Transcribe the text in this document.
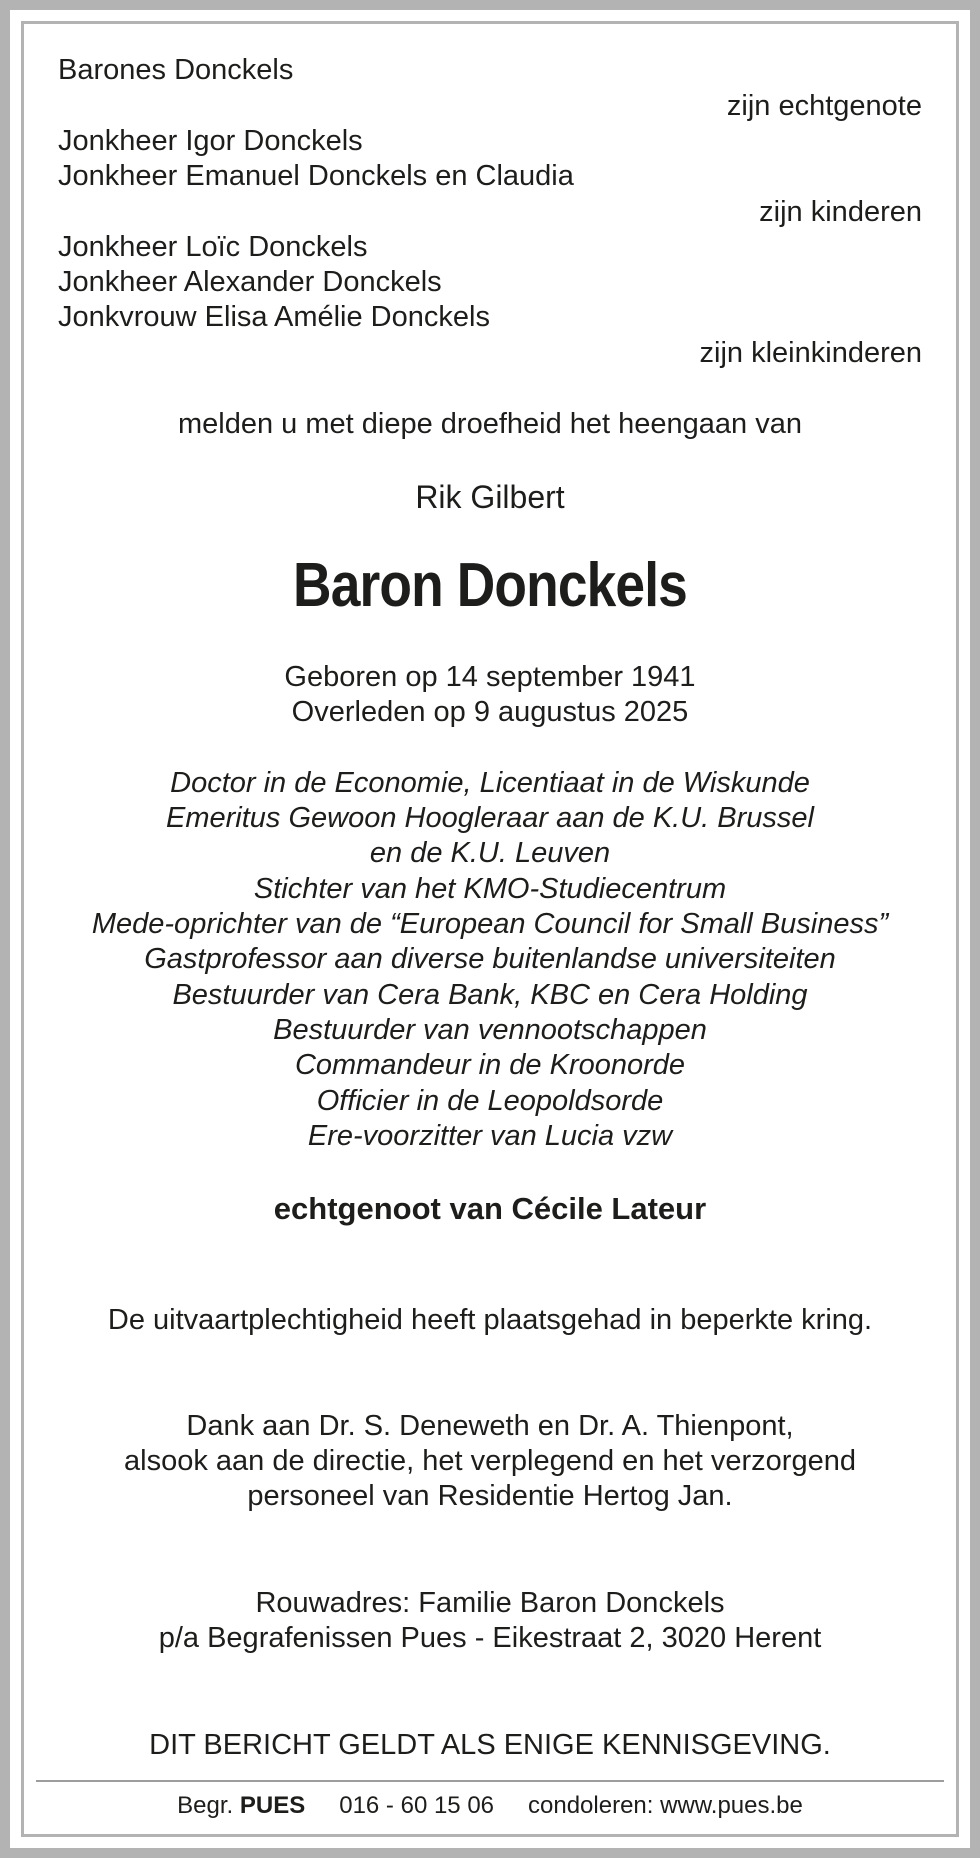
Barones Donckels
zijn echtgenote
Jonkheer Igor Donckels
Jonkheer Emanuel Donckels en Claudia
zijn kinderen
Jonkheer Loïc Donckels
Jonkheer Alexander Donckels
Jonkvrouw Elisa Amélie Donckels
zijn kleinkinderen
melden u met diepe droefheid het heengaan van
Rik Gilbert
Baron Donckels
Geboren op 14 september 1941
Overleden op 9 augustus 2025
Doctor in de Economie, Licentiaat in de Wiskunde
Emeritus Gewoon Hoogleraar aan de K.U. Brussel
en de K.U. Leuven
Stichter van het KMO-Studiecentrum
Mede-oprichter van de “European Council for Small Business”
Gastprofessor aan diverse buitenlandse universiteiten
Bestuurder van Cera Bank, KBC en Cera Holding
Bestuurder van vennootschappen
Commandeur in de Kroonorde
Officier in de Leopoldsorde
Ere-voorzitter van Lucia vzw
echtgenoot van Cécile Lateur
De uitvaartplechtigheid heeft plaatsgehad in beperkte kring.
Dank aan Dr. S. Deneweth en Dr. A. Thienpont,
alsook aan de directie, het verplegend en het verzorgend
personeel van Residentie Hertog Jan.
Rouwadres: Familie Baron Donckels
p/a Begrafenissen Pues - Eikestraat 2, 3020 Herent
DIT BERICHT GELDT ALS ENIGE KENNISGEVING.
Begr. PUES 016 - 60 15 06 condoleren: www.pues.be
